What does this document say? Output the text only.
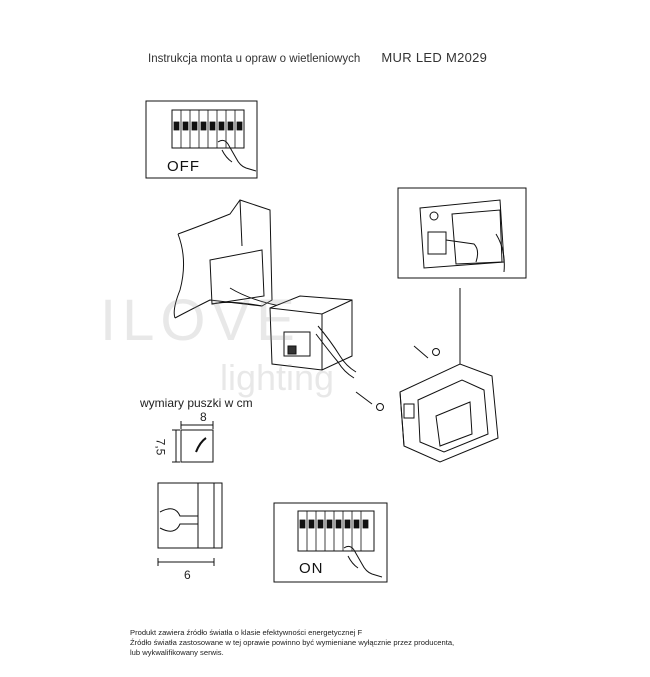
Instrukcja monta u opraw o wietleniowych MUR LED M2029
ILOVE
lighting
OFF
ON
wymiary puszki w cm
8
7,5
6
Produkt zawiera źródło światła o klasie efektywności energetycznej F
Źródło światła zastosowane w tej oprawie powinno być wymieniane wyłącznie przez producenta,
lub wykwalifikowany serwis.
